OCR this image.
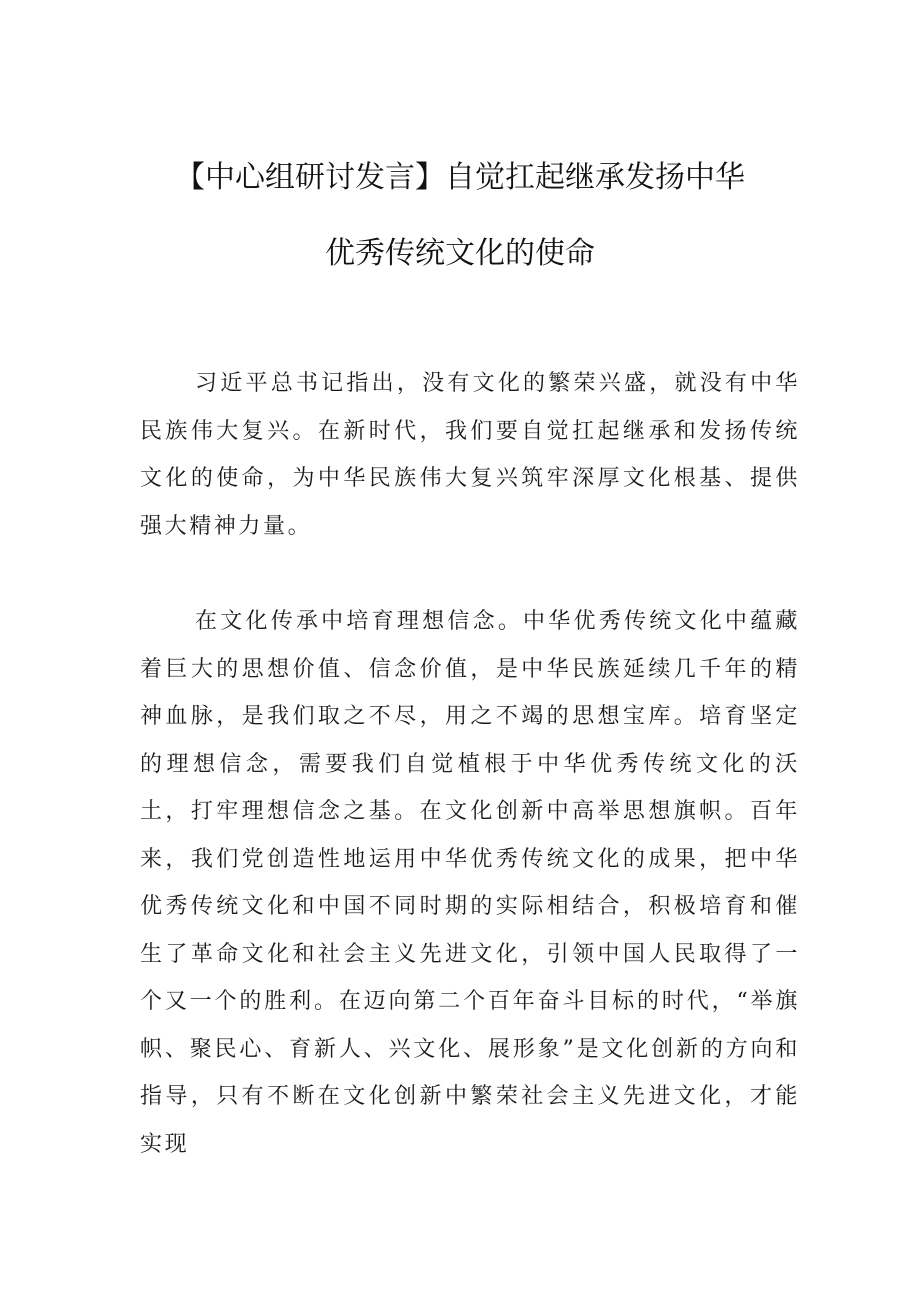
【中心组研讨发言】自觉扛起继承发扬中华
优秀传统文化的使命

习近平总书记指出，没有文化的繁荣兴盛，就没有中华民族伟大复兴。在新时代，我们要自觉扛起继承和发扬传统文化的使命，为中华民族伟大复兴筑牢深厚文化根基、提供强大精神力量。

在文化传承中培育理想信念。中华优秀传统文化中蕴藏着巨大的思想价值、信念价值，是中华民族延续几千年的精神血脉，是我们取之不尽，用之不竭的思想宝库。培育坚定的理想信念，需要我们自觉植根于中华优秀传统文化的沃土，打牢理想信念之基。在文化创新中高举思想旗帜。百年来，我们党创造性地运用中华优秀传统文化的成果，把中华优秀传统文化和中国不同时期的实际相结合，积极培育和催生了革命文化和社会主义先进文化，引领中国人民取得了一个又一个的胜利。在迈向第二个百年奋斗目标的时代，“举旗帜、聚民心、育新人、兴文化、展形象”是文化创新的方向和指导，只有不断在文化创新中繁荣社会主义先进文化，才能实现
